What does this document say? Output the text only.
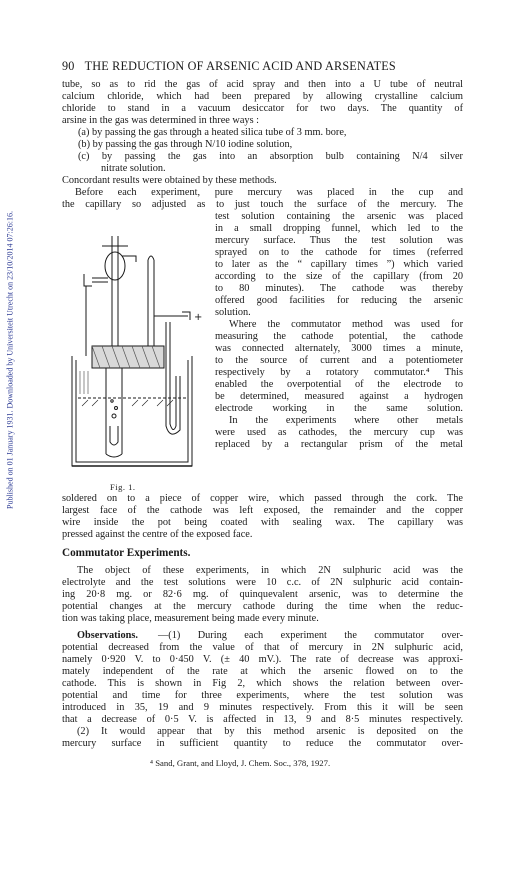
Published on 01 January 1931. Downloaded by Universiteit Utrecht on 23/10/2014 07:26:16.
90 THE REDUCTION OF ARSENIC ACID AND ARSENATES
tube, so as to rid the gas of acid spray and then into a U tube of neutral
calcium chloride, which had been prepared by allowing crystalline calcium
chloride to stand in a vacuum desiccator for two days. The quantity of
arsine in the gas was determined in three ways :
(a) by passing the gas through a heated silica tube of 3 mm. bore,
(b) by passing the gas through N/10 iodine solution,
(c) by passing the gas into an absorption bulb containing N/4 silver
nitrate solution.
Concordant results were obtained by these methods.
Before each experiment, pure mercury was placed in the cup and
the capillary so adjusted as to just touch the surface of the mercury. The
test solution containing the arsenic was placed
in a small dropping funnel, which led to the
mercury surface. Thus the test solution was
sprayed on to the cathode for times (referred
to later as the “ capillary times ”) which varied
according to the size of the capillary (from 20
to 80 minutes). The cathode was thereby
offered good facilities for reducing the arsenic
solution.
Where the commutator method was used for
measuring the cathode potential, the cathode
was connected alternately, 3000 times a minute,
to the source of current and a potentiometer
respectively by a rotatory commutator.⁴ This
enabled the overpotential of the electrode to
be determined, measured against a hydrogen
electrode working in the same solution.
In the experiments where other metals
were used as cathodes, the mercury cup was
replaced by a rectangular prism of the metal
soldered on to a piece of copper wire, which passed through the cork. The
largest face of the cathode was left exposed, the remainder and the copper
wire inside the pot being coated with sealing wax. The capillary was
pressed against the centre of the exposed face.
Commutator Experiments.
The object of these experiments, in which 2N sulphuric acid was the
electrolyte and the test solutions were 10 c.c. of 2N sulphuric acid contain-
ing 20·8 mg. or 82·6 mg. of quinquevalent arsenic, was to determine the
potential changes at the mercury cathode during the time when the reduc-
tion was taking place, measurement being made every minute.
Observations. —(1) During each experiment the commutator over-
potential decreased from the value of that of mercury in 2N sulphuric acid,
namely 0·920 V. to 0·450 V. (± 40 mV.). The rate of decrease was approxi-
mately independent of the rate at which the arsenic flowed on to the
cathode. This is shown in Fig 2, which shows the relation between over-
potential and time for three experiments, where the test solution was
introduced in 35, 19 and 9 minutes respectively. From this it will be seen
that a decrease of 0·5 V. is affected in 13, 9 and 8·5 minutes respectively.
(2) It would appear that by this method arsenic is deposited on the
mercury surface in sufficient quantity to reduce the commutator over-
⁴ Sand, Grant, and Lloyd, J. Chem. Soc., 378, 1927.
+
Fig. 1.
